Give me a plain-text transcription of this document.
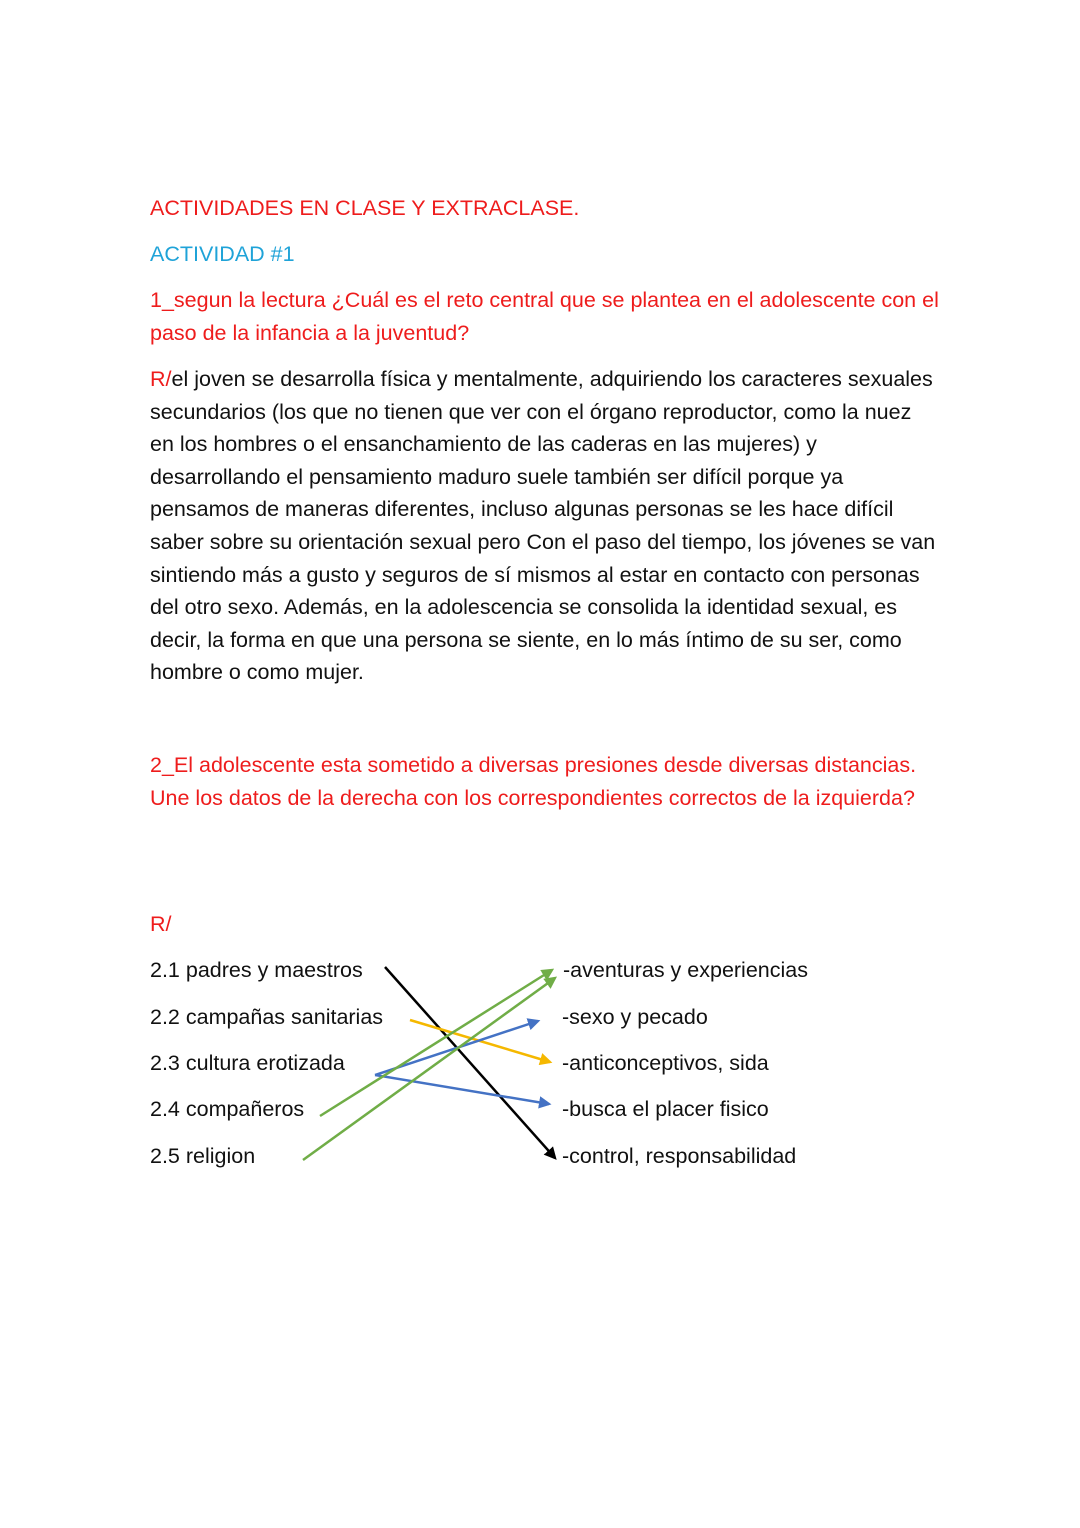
ACTIVIDADES EN CLASE Y EXTRACLASE.

ACTIVIDAD #1

1_segun la lectura ¿Cuál es el reto central que se plantea en el adolescente con el paso de la infancia a la juventud?

R/el joven se desarrolla física y mentalmente, adquiriendo los caracteres sexuales secundarios (los que no tienen que ver con el órgano reproductor, como la nuez en los hombres o el ensanchamiento de las caderas en las mujeres) y desarrollando el pensamiento maduro suele también ser difícil porque ya pensamos de maneras diferentes, incluso algunas personas se les hace difícil saber sobre su orientación sexual pero Con el paso del tiempo, los jóvenes se van sintiendo más a gusto y seguros de sí mismos al estar en contacto con personas del otro sexo. Además, en la adolescencia se consolida la identidad sexual, es decir, la forma en que una persona se siente, en lo más íntimo de su ser, como hombre o como mujer.

2_El adolescente esta sometido a diversas presiones desde diversas distancias. Une los datos de la derecha con los correspondientes correctos de la izquierda?

R/

2.1 padres y maestros
2.2 campañas sanitarias
2.3 cultura erotizada
2.4 compañeros
2.5 religion
-aventuras y experiencias
-sexo y pecado
-anticonceptivos, sida
-busca el placer fisico
-control, responsabilidad
